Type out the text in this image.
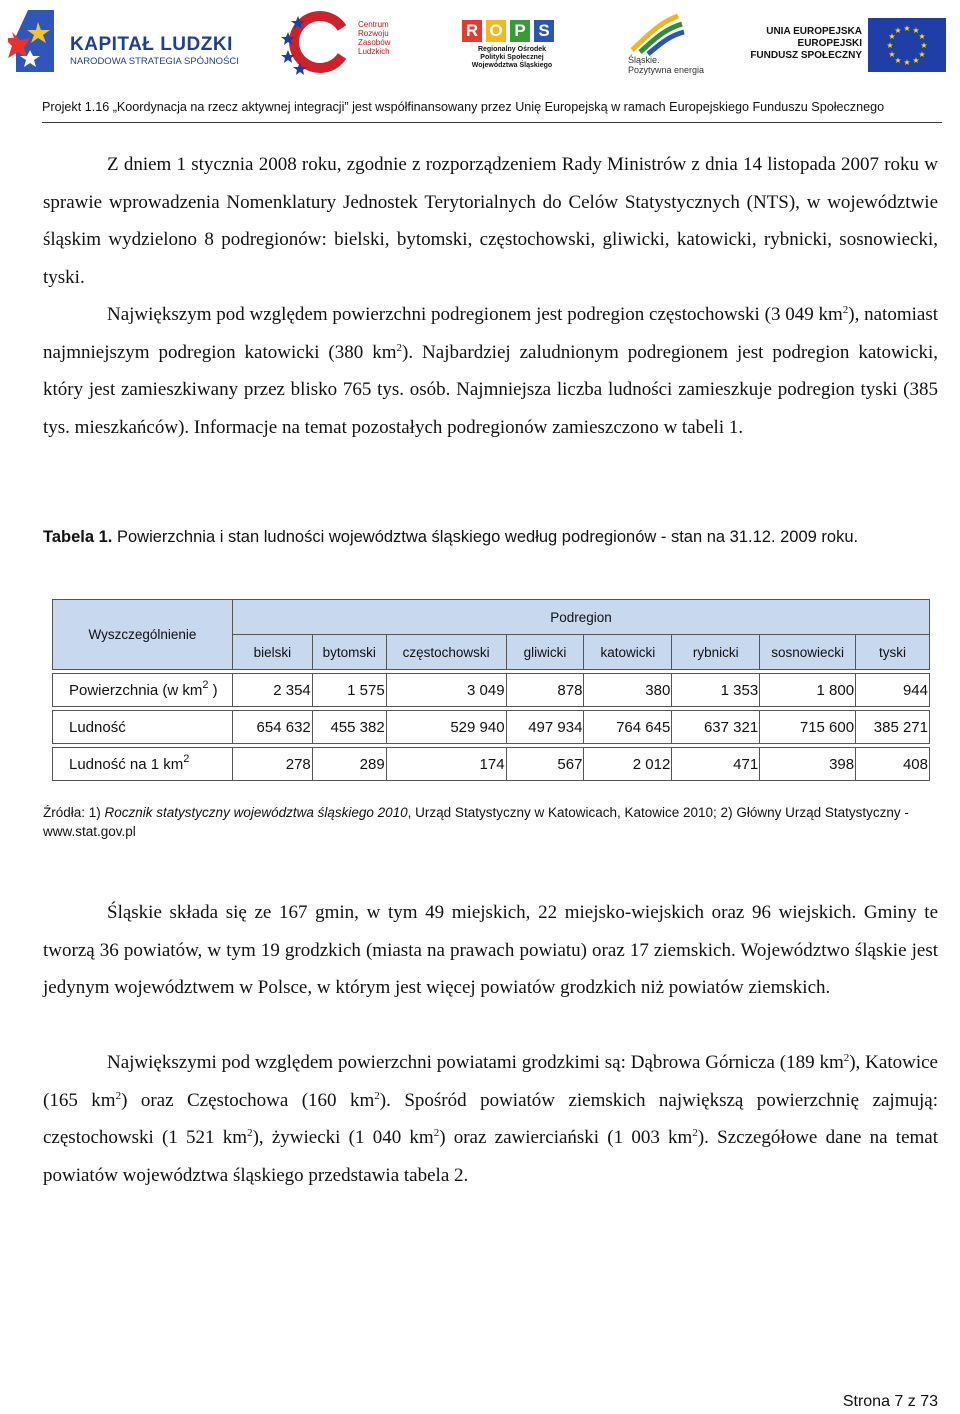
KAPITAŁ LUDZKI
NARODOWA STRATEGIA SPÓJNOŚCI
Centrum
Rozwoju
Zasobów
Ludzkich
R O P S
Regionalny Ośrodek
Polityki Społecznej
Województwa Śląskiego
Śląskie.
Pozytywna energia
UNIA EUROPEJSKA
EUROPEJSKI
FUNDUSZ SPOŁECZNY
★ ★
★
★
★
★
★
★
★
★
★
★
Projekt 1.16 „Koordynacja na rzecz aktywnej integracji” jest współfinansowany przez Unię Europejską w ramach Europejskiego Funduszu Społecznego
Z dniem 1 stycznia 2008 roku, zgodnie z rozporządzeniem Rady Ministrów z dnia 14 listopada 2007 roku w sprawie wprowadzenia Nomenklatury Jednostek Terytorialnych do Celów Statystycznych (NTS), w województwie śląskim wydzielono 8 podregionów: bielski, bytomski, częstochowski, gliwicki, katowicki, rybnicki, sosnowiecki, tyski.
Największym pod względem powierzchni podregionem jest podregion częstochowski (3 049 $km^2$), natomiast najmniejszym podregion katowicki (380 $km^2$). Najbardziej zaludnionym podregionem jest podregion katowicki, który jest zamieszkiwany przez blisko 765 tys. osób. Najmniejsza liczba ludności zamieszkuje podregion tyski (385 tys. mieszkańców). Informacje na temat pozostałych podregionów zamieszczono w tabeli 1.
Tabela 1. Powierzchnia i stan ludności województwa śląskiego według podregionów - stan na 31.12. 2009 roku.
Wyszczególnienie	Podregion							
	bielski	bytomski	częstochowski	gliwicki	katowicki	rybnicki	sosnowiecki	tyski

Powierzchnia (w $km^2$ )	2 354	1 575	3 049	878	380	1 353	1 800	944

Ludność	654 632	455 382	529 940	497 934	764 645	637 321	715 600	385 271

Ludność na 1 $km^2$	278	289	174	567	2 012	471	398	408
Źródła: 1) Rocznik statystyczny województwa śląskiego 2010, Urząd Statystyczny w Katowicach, Katowice 2010; 2) Główny Urząd Statystyczny - www.stat.gov.pl
Śląskie składa się ze 167 gmin, w tym 49 miejskich, 22 miejsko-wiejskich oraz 96 wiejskich. Gminy te tworzą 36 powiatów, w tym 19 grodzkich (miasta na prawach powiatu) oraz 17 ziemskich. Województwo śląskie jest jedynym województwem w Polsce, w którym jest więcej powiatów grodzkich niż powiatów ziemskich.
Największymi pod względem powierzchni powiatami grodzkimi są: Dąbrowa Górnicza (189 $km^2$), Katowice (165 $km^2$) oraz Częstochowa (160 $km^2$). Spośród powiatów ziemskich największą powierzchnię zajmują: częstochowski (1 521 $km^2$), żywiecki (1 040 $km^2$) oraz zawierciański (1 003 $km^2$). Szczegółowe dane na temat powiatów województwa śląskiego przedstawia tabela 2.
Strona 7 z 73
